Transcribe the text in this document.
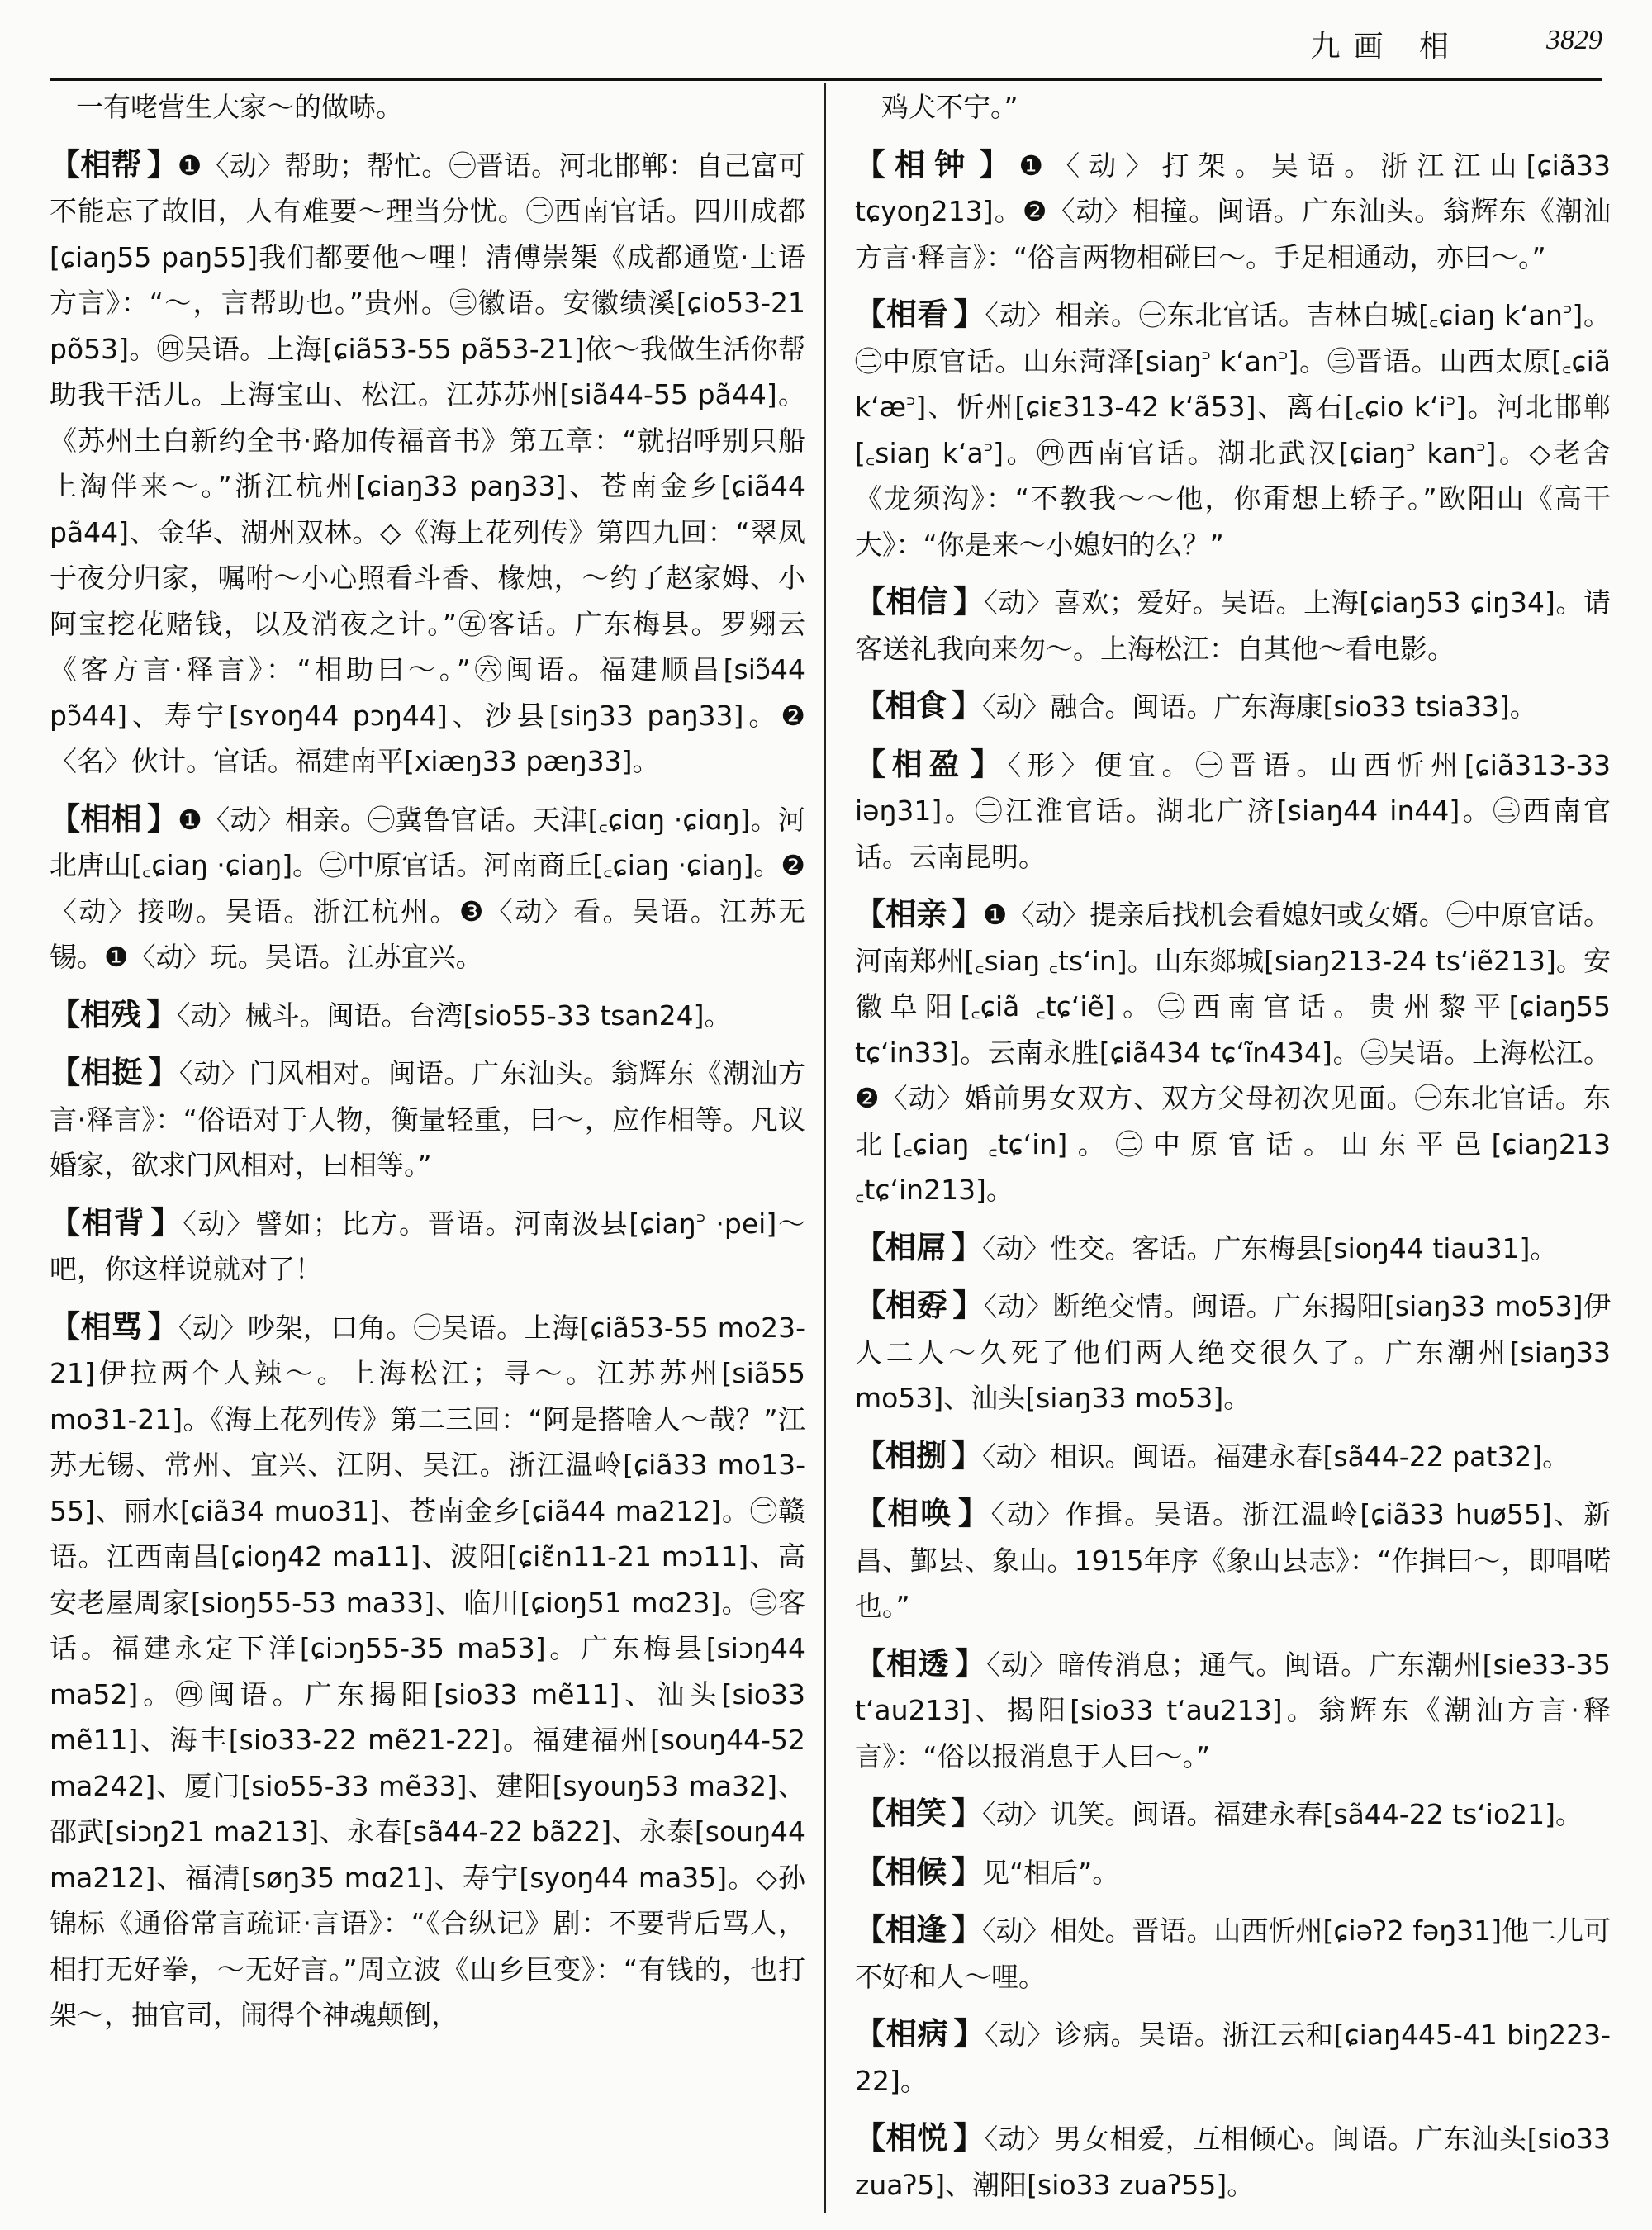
九画 相	3829

一有咾营生大家～的做哧。

【相帮 】❶〈动〉帮助；帮忙。㊀晋语。河北邯郸：自己富可不能忘了故旧，人有难要～理当分忧。㊁西南官话。四川成都[ɕiaŋ55 paŋ55]我们都要他～哩！清傅崇榘《成都通览·土语方言》：“～，言帮助也。”贵州。㊂徽语。安徽绩溪[ɕio53-21 põ53]。㊃吴语。上海[ɕiã53-55 pã53-21]依～我做生活你帮助我干活儿。上海宝山、松江。江苏苏州[siã44-55 pã44]。《苏州土白新约全书·路加传福音书》第五章：“就招呼别只船上淘伴来～。”浙江杭州[ɕiaŋ33 paŋ33]、苍南金乡[ɕiã44 pã44]、金华、湖州双林。◇《海上花列传》第四九回：“翠凤于夜分归家，嘱咐～小心照看斗香、椽烛，～约了赵家姆、小阿宝挖花赌钱，以及消夜之计。”㊄客话。广东梅县。罗翙云《客方言·释言》：“相助曰～。”㊅闽语。福建顺昌[siɔ̃44 pɔ̃44]、寿宁[sʏoŋ44 pɔŋ44]、沙县[siŋ33 paŋ33]。❷〈名〉伙计。官话。福建南平[xiæŋ33 pæŋ33]。

【相相 】❶〈动〉相亲。㊀冀鲁官话。天津[꜀ɕiɑŋ ·ɕiɑŋ]。河北唐山[꜀ɕiaŋ ·ɕiaŋ]。㊁中原官话。河南商丘[꜀ɕiaŋ ·ɕiaŋ]。❷〈动〉接吻。吴语。浙江杭州。❸〈动〉看。吴语。江苏无锡。❶〈动〉玩。吴语。江苏宜兴。

【相残 】〈动〉械斗。闽语。台湾[sio55-33 tsan24]。

【相挺 】〈动〉门风相对。闽语。广东汕头。翁辉东《潮汕方言·释言》：“俗语对于人物，衡量轻重，曰～，应作相等。凡议婚家，欲求门风相对，曰相等。”

【相背 】〈动〉譬如；比方。晋语。河南汲县[ɕiaŋ꜄ ·pei]～吧，你这样说就对了！

【相骂 】〈动〉吵架，口角。㊀吴语。上海[ɕiã53-55 mo23-21]伊拉两个人辣～。上海松江；寻～。江苏苏州[siã55 mo31-21]。《海上花列传》第二三回：“阿是搭啥人～哉？”江苏无锡、常州、宜兴、江阴、吴江。浙江温岭[ɕiã33 mo13-55]、丽水[ɕiã34 muo31]、苍南金乡[ɕiã44 ma212]。㊁赣语。江西南昌[ɕioŋ42 ma11]、波阳[ɕiɛ̃n11-21 mɔ11]、高安老屋周家[sioŋ55-53 ma33]、临川[ɕioŋ51 mɑ23]。㊂客话。福建永定下洋[ɕiɔŋ55-35 ma53]。广东梅县[siɔŋ44 ma52]。㊃闽语。广东揭阳[sio33 mẽ11]、汕头[sio33 mẽ11]、海丰[sio33-22 mẽ21-22]。福建福州[souŋ44-52 ma242]、厦门[sio55-33 mẽ33]、建阳[syouŋ53 ma32]、邵武[siɔŋ21 ma213]、永春[sã44-22 bã22]、永泰[souŋ44 ma212]、福清[søŋ35 mɑ21]、寿宁[syoŋ44 ma35]。◇孙锦标《通俗常言疏证·言语》：“《合纵记》剧：不要背后骂人，相打无好拳，～无好言。”周立波《山乡巨变》：“有钱的，也打架～，抽官司，闹得个神魂颠倒，

鸡犬不宁。”

【相钟 】❶〈动〉打架。吴语。浙江江山[ɕiã33 tɕyoŋ213]。❷〈动〉相撞。闽语。广东汕头。翁辉东《潮汕方言·释言》：“俗言两物相碰曰～。手足相通动，亦曰～。”

【相看 】〈动〉相亲。㊀东北官话。吉林白城[꜀ɕiaŋ k‘an꜄]。㊁中原官话。山东菏泽[siaŋ꜄ k‘an꜄]。㊂晋语。山西太原[꜀ɕiã k‘æ꜄]、忻州[ɕiɛ313-42 k‘ã53]、离石[꜀ɕio k‘i꜄]。河北邯郸[꜀siaŋ k‘a꜄]。㊃西南官话。湖北武汉[ɕiaŋ꜄ kan꜄]。◇老舍《龙须沟》：“不教我～～他，你甭想上轿子。”欧阳山《高干大》：“你是来～小媳妇的么？”

【相信 】〈动〉喜欢；爱好。吴语。上海[ɕiaŋ53 ɕiŋ34]。请客送礼我向来勿～。上海松江：自其他～看电影。

【相食 】〈动〉融合。闽语。广东海康[sio33 tsia33]。

【相盈 】〈形〉便宜。㊀晋语。山西忻州[ɕiã313-33 iəŋ31]。㊁江淮官话。湖北广济[siaŋ44 in44]。㊂西南官话。云南昆明。

【相亲 】❶〈动〉提亲后找机会看媳妇或女婿。㊀中原官话。河南郑州[꜀siaŋ ꜀ts‘in]。山东郯城[siaŋ213-24 ts‘iẽ213]。安徽阜阳[꜀ɕiã ꜀tɕ‘iẽ]。㊁西南官话。贵州黎平[ɕiaŋ55 tɕ‘in33]。云南永胜[ɕiã434 tɕ‘ĩn434]。㊂吴语。上海松江。❷〈动〉婚前男女双方、双方父母初次见面。㊀东北官话。东北[꜀ɕiaŋ ꜀tɕ‘in]。㊁中原官话。山东平邑[ɕiaŋ213 ꜀tɕ‘in213]。

【相屌 】〈动〉性交。客话。广东梅县[sioŋ44 tiau31]。

【相孬 】〈动〉断绝交情。闽语。广东揭阳[siaŋ33 mo53]伊人二人～久死了他们两人绝交很久了。广东潮州[siaŋ33 mo53]、汕头[siaŋ33 mo53]。

【相捌 】〈动〉相识。闽语。福建永春[sã44-22 pat32]。

【相唤 】〈动〉作揖。吴语。浙江温岭[ɕiã33 huø55]、新昌、鄞县、象山。1915年序《象山县志》：“作揖曰～，即唱喏也。”

【相透 】〈动〉暗传消息；通气。闽语。广东潮州[sie33-35 t‘au213]、揭阳[sio33 t‘au213]。翁辉东《潮汕方言·释言》：“俗以报消息于人曰～。”

【相笑 】〈动〉讥笑。闽语。福建永春[sã44-22 ts‘io21]。

【相候 】见“相后”。

【相逢 】〈动〉相处。晋语。山西忻州[ɕiəʔ2 fəŋ31]他二儿可不好和人～哩。

【相病 】〈动〉诊病。吴语。浙江云和[ɕiaŋ445-41 biŋ223-22]。

【相悦 】〈动〉男女相爱，互相倾心。闽语。广东汕头[sio33 zuaʔ5]、潮阳[sio33 zuaʔ55]。
